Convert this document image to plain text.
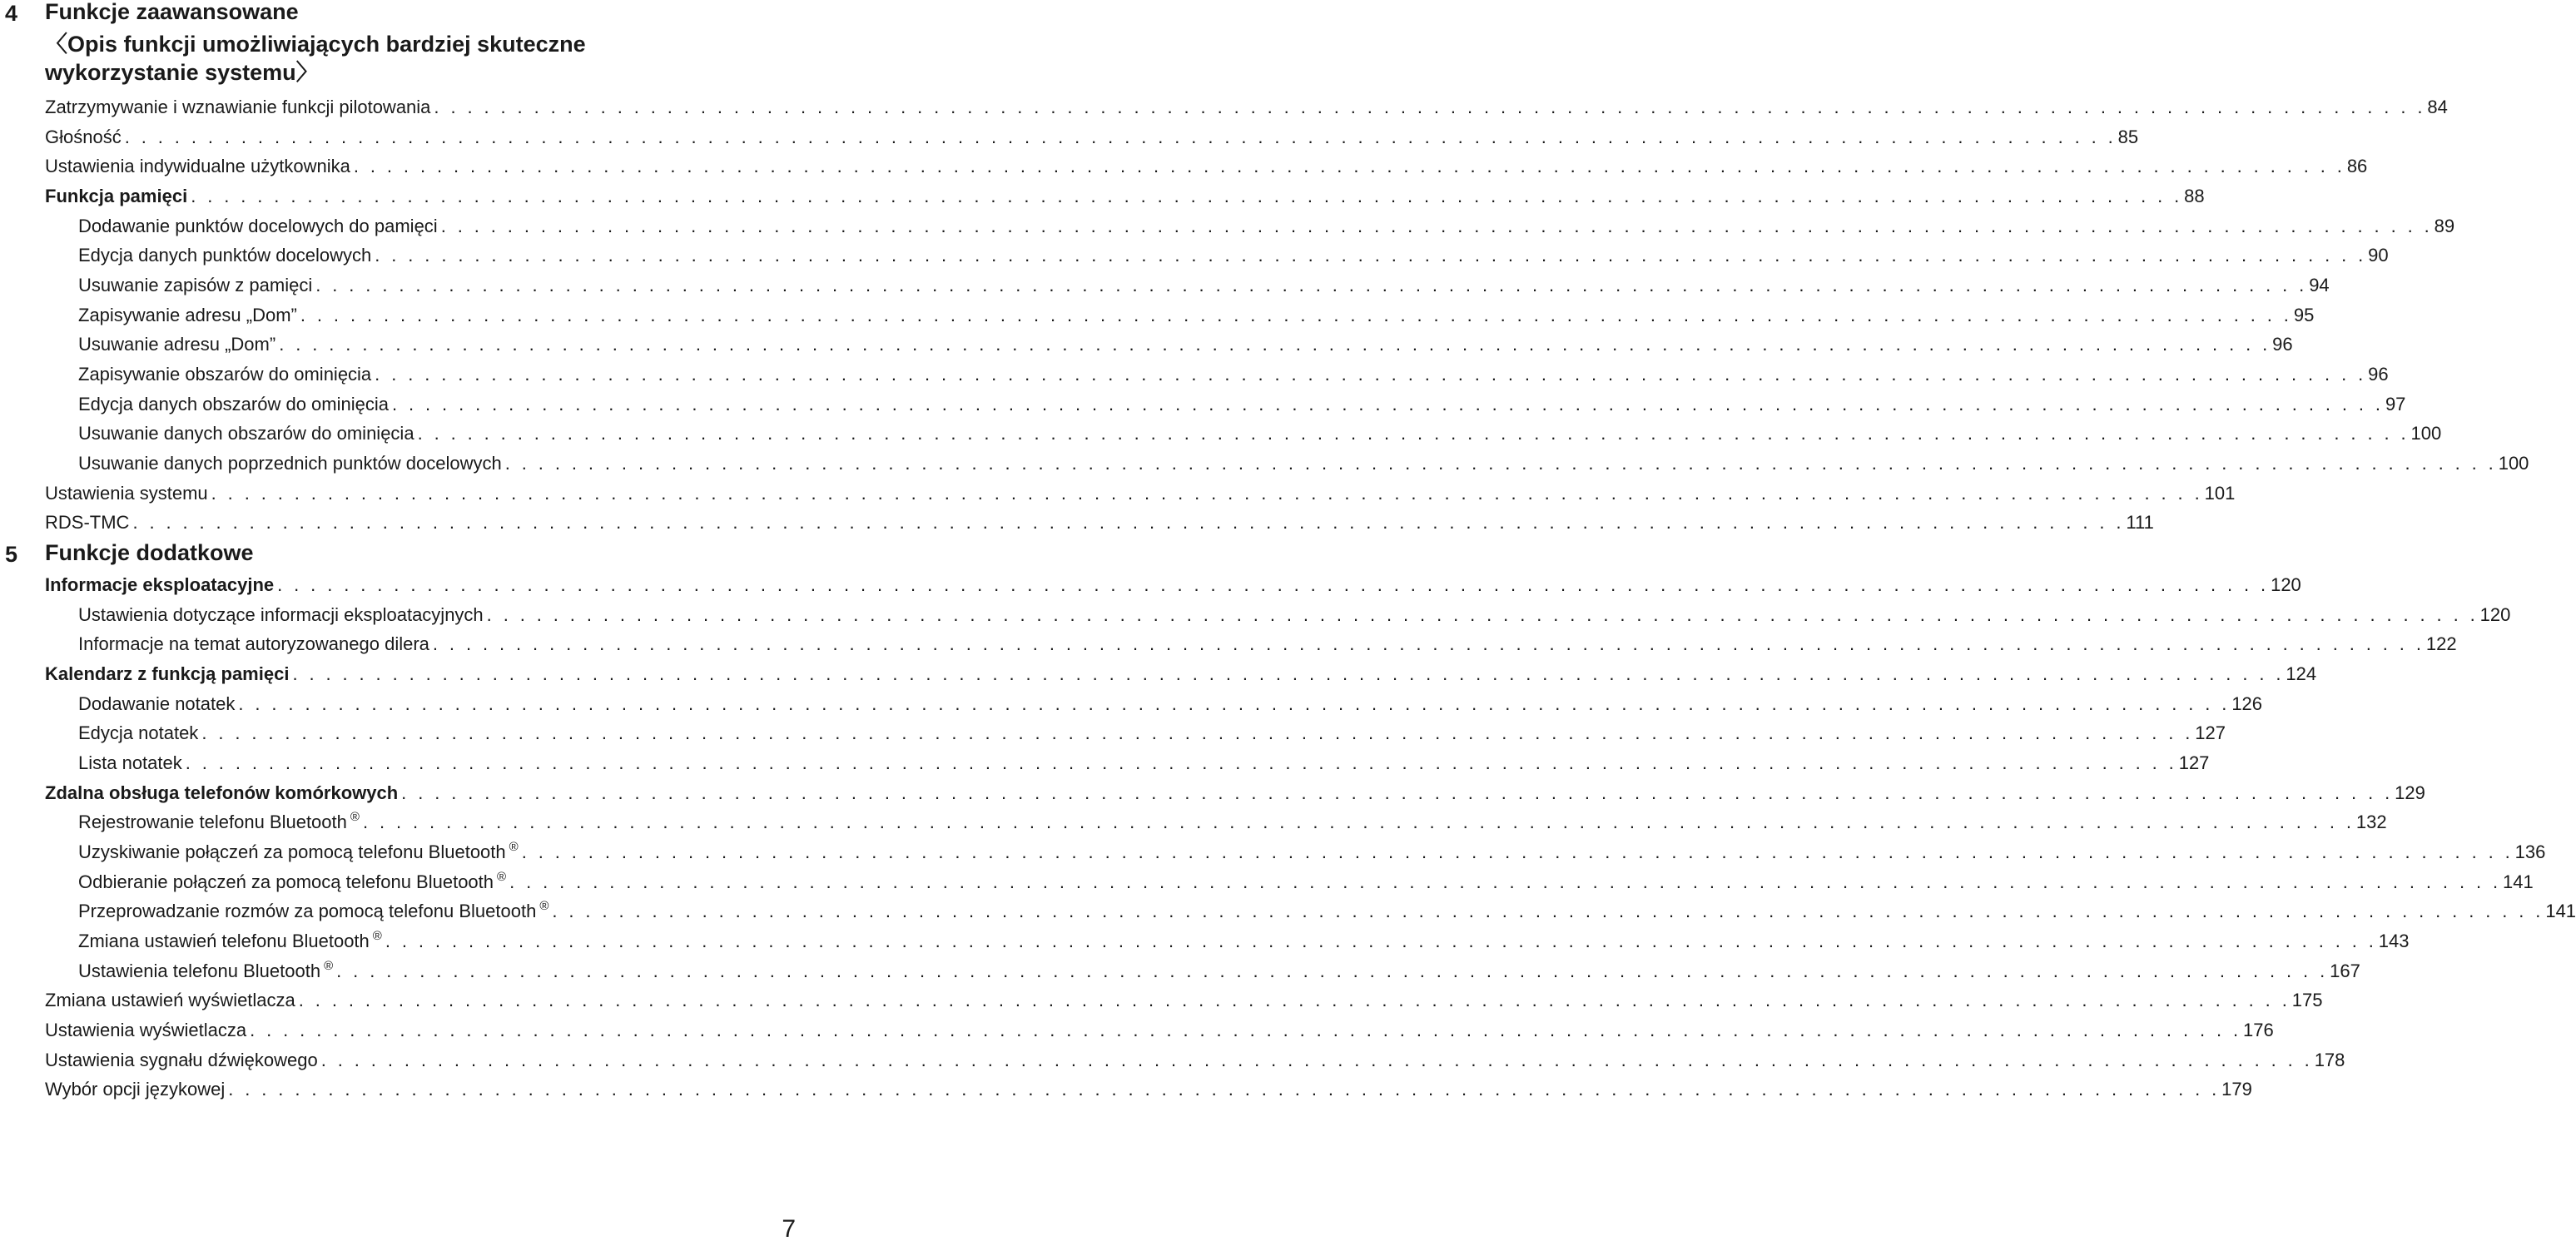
4 Funkcje zaawansowane
〈Opis funkcji umożliwiających bardziej skuteczne
wykorzystanie systemu〉
Zatrzymywanie i wznawianie funkcji pilotowania . . . . . . . . . . . . . . . . . . . . . . . . . . . . . . . . . . . . . . . . . . . . . . . . . . . . . . . . . . . . . . . . . . . . . . . . . . . . . . . . . . . . . . . . . . . . . . . . . . . . . . . . . . . . . . . . . . . . . . . . 84
Głośność . . . . . . . . . . . . . . . . . . . . . . . . . . . . . . . . . . . . . . . . . . . . . . . . . . . . . . . . . . . . . . . . . . . . . . . . . . . . . . . . . . . . . . . . . . . . . . . . . . . . . . . . . . . . . . . . . . . . . . . . 85
Ustawienia indywidualne użytkownika . . . . . . . . . . . . . . . . . . . . . . . . . . . . . . . . . . . . . . . . . . . . . . . . . . . . . . . . . . . . . . . . . . . . . . . . . . . . . . . . . . . . . . . . . . . . . . . . . . . . . . . . . . . . . . . . . . . . . . . . 86
Funkcja pamięci . . . . . . . . . . . . . . . . . . . . . . . . . . . . . . . . . . . . . . . . . . . . . . . . . . . . . . . . . . . . . . . . . . . . . . . . . . . . . . . . . . . . . . . . . . . . . . . . . . . . . . . . . . . . . . . . . . . . . . . . 88
Dodawanie punktów docelowych do pamięci . . . . . . . . . . . . . . . . . . . . . . . . . . . . . . . . . . . . . . . . . . . . . . . . . . . . . . . . . . . . . . . . . . . . . . . . . . . . . . . . . . . . . . . . . . . . . . . . . . . . . . . . . . . . . . . . . . . . . . . . 89
Edycja danych punktów docelowych . . . . . . . . . . . . . . . . . . . . . . . . . . . . . . . . . . . . . . . . . . . . . . . . . . . . . . . . . . . . . . . . . . . . . . . . . . . . . . . . . . . . . . . . . . . . . . . . . . . . . . . . . . . . . . . . . . . . . . . . 90
Usuwanie zapisów z pamięci . . . . . . . . . . . . . . . . . . . . . . . . . . . . . . . . . . . . . . . . . . . . . . . . . . . . . . . . . . . . . . . . . . . . . . . . . . . . . . . . . . . . . . . . . . . . . . . . . . . . . . . . . . . . . . . . . . . . . . . . 94
Zapisywanie adresu „Dom” . . . . . . . . . . . . . . . . . . . . . . . . . . . . . . . . . . . . . . . . . . . . . . . . . . . . . . . . . . . . . . . . . . . . . . . . . . . . . . . . . . . . . . . . . . . . . . . . . . . . . . . . . . . . . . . . . . . . . . . . 95
Usuwanie adresu „Dom” . . . . . . . . . . . . . . . . . . . . . . . . . . . . . . . . . . . . . . . . . . . . . . . . . . . . . . . . . . . . . . . . . . . . . . . . . . . . . . . . . . . . . . . . . . . . . . . . . . . . . . . . . . . . . . . . . . . . . . . . 96
Zapisywanie obszarów do ominięcia . . . . . . . . . . . . . . . . . . . . . . . . . . . . . . . . . . . . . . . . . . . . . . . . . . . . . . . . . . . . . . . . . . . . . . . . . . . . . . . . . . . . . . . . . . . . . . . . . . . . . . . . . . . . . . . . . . . . . . . . 96
Edycja danych obszarów do ominięcia . . . . . . . . . . . . . . . . . . . . . . . . . . . . . . . . . . . . . . . . . . . . . . . . . . . . . . . . . . . . . . . . . . . . . . . . . . . . . . . . . . . . . . . . . . . . . . . . . . . . . . . . . . . . . . . . . . . . . . . . 97
Usuwanie danych obszarów do ominięcia . . . . . . . . . . . . . . . . . . . . . . . . . . . . . . . . . . . . . . . . . . . . . . . . . . . . . . . . . . . . . . . . . . . . . . . . . . . . . . . . . . . . . . . . . . . . . . . . . . . . . . . . . . . . . . . . . . . . . . . . 100
Usuwanie danych poprzednich punktów docelowych . . . . . . . . . . . . . . . . . . . . . . . . . . . . . . . . . . . . . . . . . . . . . . . . . . . . . . . . . . . . . . . . . . . . . . . . . . . . . . . . . . . . . . . . . . . . . . . . . . . . . . . . . . . . . . . . . . . . . . . . 100
Ustawienia systemu . . . . . . . . . . . . . . . . . . . . . . . . . . . . . . . . . . . . . . . . . . . . . . . . . . . . . . . . . . . . . . . . . . . . . . . . . . . . . . . . . . . . . . . . . . . . . . . . . . . . . . . . . . . . . . . . . . . . . . . . 101
RDS-TMC . . . . . . . . . . . . . . . . . . . . . . . . . . . . . . . . . . . . . . . . . . . . . . . . . . . . . . . . . . . . . . . . . . . . . . . . . . . . . . . . . . . . . . . . . . . . . . . . . . . . . . . . . . . . . . . . . . . . . . . . 111
5 Funkcje dodatkowe
Informacje eksploatacyjne . . . . . . . . . . . . . . . . . . . . . . . . . . . . . . . . . . . . . . . . . . . . . . . . . . . . . . . . . . . . . . . . . . . . . . . . . . . . . . . . . . . . . . . . . . . . . . . . . . . . . . . . . . . . . . . . . . . . . . . . 120
Ustawienia dotyczące informacji eksploatacyjnych . . . . . . . . . . . . . . . . . . . . . . . . . . . . . . . . . . . . . . . . . . . . . . . . . . . . . . . . . . . . . . . . . . . . . . . . . . . . . . . . . . . . . . . . . . . . . . . . . . . . . . . . . . . . . . . . . . . . . . . . 120
Informacje na temat autoryzowanego dilera . . . . . . . . . . . . . . . . . . . . . . . . . . . . . . . . . . . . . . . . . . . . . . . . . . . . . . . . . . . . . . . . . . . . . . . . . . . . . . . . . . . . . . . . . . . . . . . . . . . . . . . . . . . . . . . . . . . . . . . . 122
Kalendarz z funkcją pamięci . . . . . . . . . . . . . . . . . . . . . . . . . . . . . . . . . . . . . . . . . . . . . . . . . . . . . . . . . . . . . . . . . . . . . . . . . . . . . . . . . . . . . . . . . . . . . . . . . . . . . . . . . . . . . . . . . . . . . . . . 124
Dodawanie notatek . . . . . . . . . . . . . . . . . . . . . . . . . . . . . . . . . . . . . . . . . . . . . . . . . . . . . . . . . . . . . . . . . . . . . . . . . . . . . . . . . . . . . . . . . . . . . . . . . . . . . . . . . . . . . . . . . . . . . . . . 126
Edycja notatek . . . . . . . . . . . . . . . . . . . . . . . . . . . . . . . . . . . . . . . . . . . . . . . . . . . . . . . . . . . . . . . . . . . . . . . . . . . . . . . . . . . . . . . . . . . . . . . . . . . . . . . . . . . . . . . . . . . . . . . . 127
Lista notatek . . . . . . . . . . . . . . . . . . . . . . . . . . . . . . . . . . . . . . . . . . . . . . . . . . . . . . . . . . . . . . . . . . . . . . . . . . . . . . . . . . . . . . . . . . . . . . . . . . . . . . . . . . . . . . . . . . . . . . . . 127
Zdalna obsługa telefonów komórkowych . . . . . . . . . . . . . . . . . . . . . . . . . . . . . . . . . . . . . . . . . . . . . . . . . . . . . . . . . . . . . . . . . . . . . . . . . . . . . . . . . . . . . . . . . . . . . . . . . . . . . . . . . . . . . . . . . . . . . . . . 129
Rejestrowanie telefonu Bluetooth ® . . . . . . . . . . . . . . . . . . . . . . . . . . . . . . . . . . . . . . . . . . . . . . . . . . . . . . . . . . . . . . . . . . . . . . . . . . . . . . . . . . . . . . . . . . . . . . . . . . . . . . . . . . . . . . . . . . . . . . . . 132
Uzyskiwanie połączeń za pomocą telefonu Bluetooth ® . . . . . . . . . . . . . . . . . . . . . . . . . . . . . . . . . . . . . . . . . . . . . . . . . . . . . . . . . . . . . . . . . . . . . . . . . . . . . . . . . . . . . . . . . . . . . . . . . . . . . . . . . . . . . . . . . . . . . . . . 136
Odbieranie połączeń za pomocą telefonu Bluetooth ® . . . . . . . . . . . . . . . . . . . . . . . . . . . . . . . . . . . . . . . . . . . . . . . . . . . . . . . . . . . . . . . . . . . . . . . . . . . . . . . . . . . . . . . . . . . . . . . . . . . . . . . . . . . . . . . . . . . . . . . . 141
Przeprowadzanie rozmów za pomocą telefonu Bluetooth ® . . . . . . . . . . . . . . . . . . . . . . . . . . . . . . . . . . . . . . . . . . . . . . . . . . . . . . . . . . . . . . . . . . . . . . . . . . . . . . . . . . . . . . . . . . . . . . . . . . . . . . . . . . . . . . . . . . . . . . . . 141
Zmiana ustawień telefonu Bluetooth ® . . . . . . . . . . . . . . . . . . . . . . . . . . . . . . . . . . . . . . . . . . . . . . . . . . . . . . . . . . . . . . . . . . . . . . . . . . . . . . . . . . . . . . . . . . . . . . . . . . . . . . . . . . . . . . . . . . . . . . . . 143
Ustawienia telefonu Bluetooth ® . . . . . . . . . . . . . . . . . . . . . . . . . . . . . . . . . . . . . . . . . . . . . . . . . . . . . . . . . . . . . . . . . . . . . . . . . . . . . . . . . . . . . . . . . . . . . . . . . . . . . . . . . . . . . . . . . . . . . . . . 167
Zmiana ustawień wyświetlacza . . . . . . . . . . . . . . . . . . . . . . . . . . . . . . . . . . . . . . . . . . . . . . . . . . . . . . . . . . . . . . . . . . . . . . . . . . . . . . . . . . . . . . . . . . . . . . . . . . . . . . . . . . . . . . . . . . . . . . . . 175
Ustawienia wyświetlacza . . . . . . . . . . . . . . . . . . . . . . . . . . . . . . . . . . . . . . . . . . . . . . . . . . . . . . . . . . . . . . . . . . . . . . . . . . . . . . . . . . . . . . . . . . . . . . . . . . . . . . . . . . . . . . . . . . . . . . . . 176
Ustawienia sygnału dźwiękowego . . . . . . . . . . . . . . . . . . . . . . . . . . . . . . . . . . . . . . . . . . . . . . . . . . . . . . . . . . . . . . . . . . . . . . . . . . . . . . . . . . . . . . . . . . . . . . . . . . . . . . . . . . . . . . . . . . . . . . . . 178
Wybór opcji językowej . . . . . . . . . . . . . . . . . . . . . . . . . . . . . . . . . . . . . . . . . . . . . . . . . . . . . . . . . . . . . . . . . . . . . . . . . . . . . . . . . . . . . . . . . . . . . . . . . . . . . . . . . . . . . . . . . . . . . . . . 179
7
